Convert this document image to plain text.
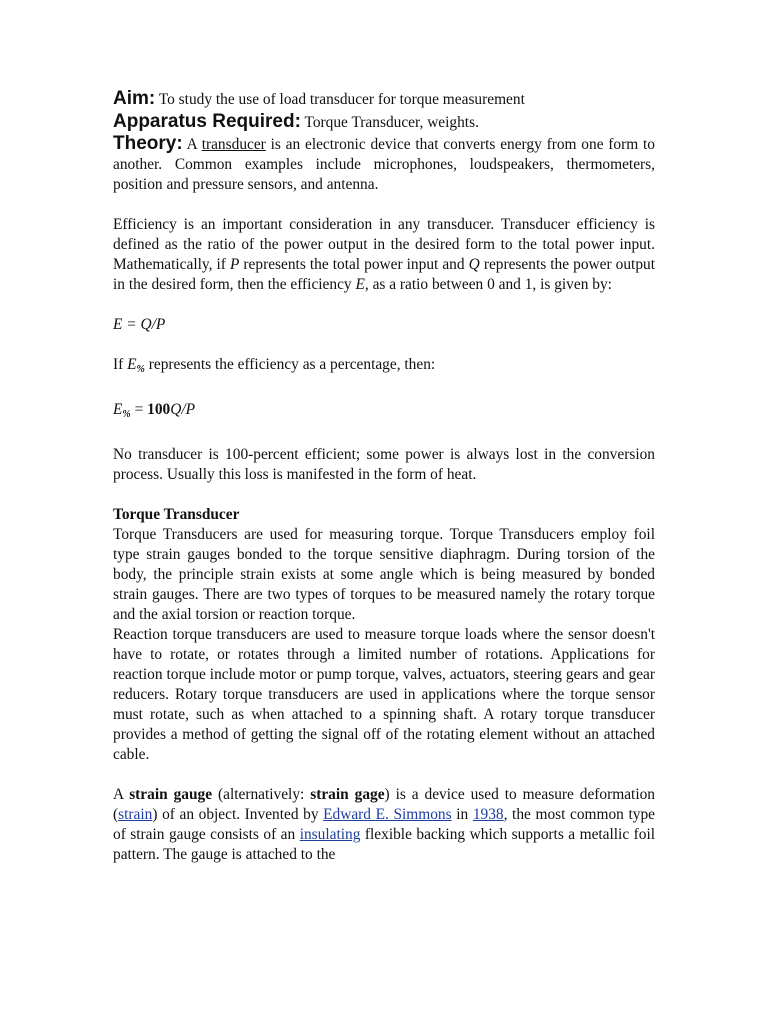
Aim: To study the use of load transducer for torque measurement

Apparatus Required: Torque Transducer, weights.

Theory: A transducer is an electronic device that converts energy from one form to another. Common examples include microphones, loudspeakers, thermometers, position and pressure sensors, and antenna.

Efficiency is an important consideration in any transducer. Transducer efficiency is defined as the ratio of the power output in the desired form to the total power input. Mathematically, if P represents the total power input and Q represents the power output in the desired form, then the efficiency E, as a ratio between 0 and 1, is given by:

E = Q/P

If $E_{\%}$ represents the efficiency as a percentage, then:

$E_{\%} = 100Q/P$

No transducer is 100-percent efficient; some power is always lost in the conversion process. Usually this loss is manifested in the form of heat.

Torque Transducer

Torque Transducers are used for measuring torque. Torque Transducers employ foil type strain gauges bonded to the torque sensitive diaphragm. During torsion of the body, the principle strain exists at some angle which is being measured by bonded strain gauges. There are two types of torques to be measured namely the rotary torque and the axial torsion or reaction torque.

Reaction torque transducers are used to measure torque loads where the sensor doesn't have to rotate, or rotates through a limited number of rotations. Applications for reaction torque include motor or pump torque, valves, actuators, steering gears and gear reducers. Rotary torque transducers are used in applications where the torque sensor must rotate, such as when attached to a spinning shaft. A rotary torque transducer provides a method of getting the signal off of the rotating element without an attached cable.

A strain gauge (alternatively: strain gage) is a device used to measure deformation (strain) of an object. Invented by Edward E. Simmons in 1938, the most common type of strain gauge consists of an insulating flexible backing which supports a metallic foil pattern. The gauge is attached to the
